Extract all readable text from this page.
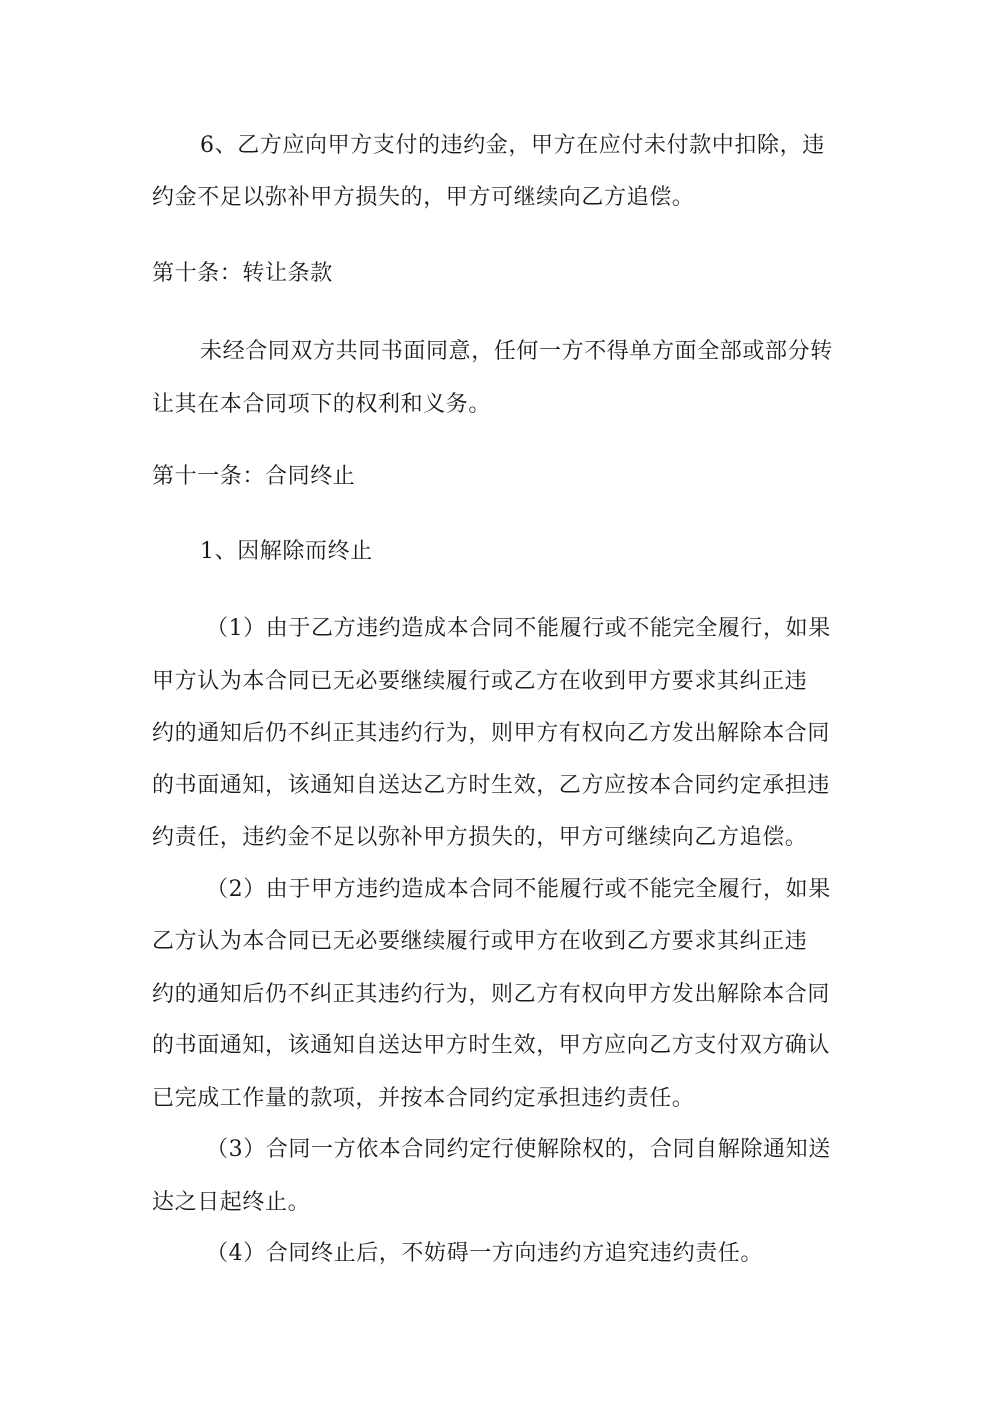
6、乙方应向甲方支付的违约金，甲方在应付未付款中扣除，违
约金不足以弥补甲方损失的，甲方可继续向乙方追偿。
第十条：转让条款
未经合同双方共同书面同意，任何一方不得单方面全部或部分转
让其在本合同项下的权利和义务。
第十一条：合同终止
1、因解除而终止
（1）由于乙方违约造成本合同不能履行或不能完全履行，如果
甲方认为本合同已无必要继续履行或乙方在收到甲方要求其纠正违
约的通知后仍不纠正其违约行为，则甲方有权向乙方发出解除本合同
的书面通知，该通知自送达乙方时生效，乙方应按本合同约定承担违
约责任，违约金不足以弥补甲方损失的，甲方可继续向乙方追偿。
（2）由于甲方违约造成本合同不能履行或不能完全履行，如果
乙方认为本合同已无必要继续履行或甲方在收到乙方要求其纠正违
约的通知后仍不纠正其违约行为，则乙方有权向甲方发出解除本合同
的书面通知，该通知自送达甲方时生效，甲方应向乙方支付双方确认
已完成工作量的款项，并按本合同约定承担违约责任。
（3）合同一方依本合同约定行使解除权的，合同自解除通知送
达之日起终止。
（4）合同终止后，不妨碍一方向违约方追究违约责任。
